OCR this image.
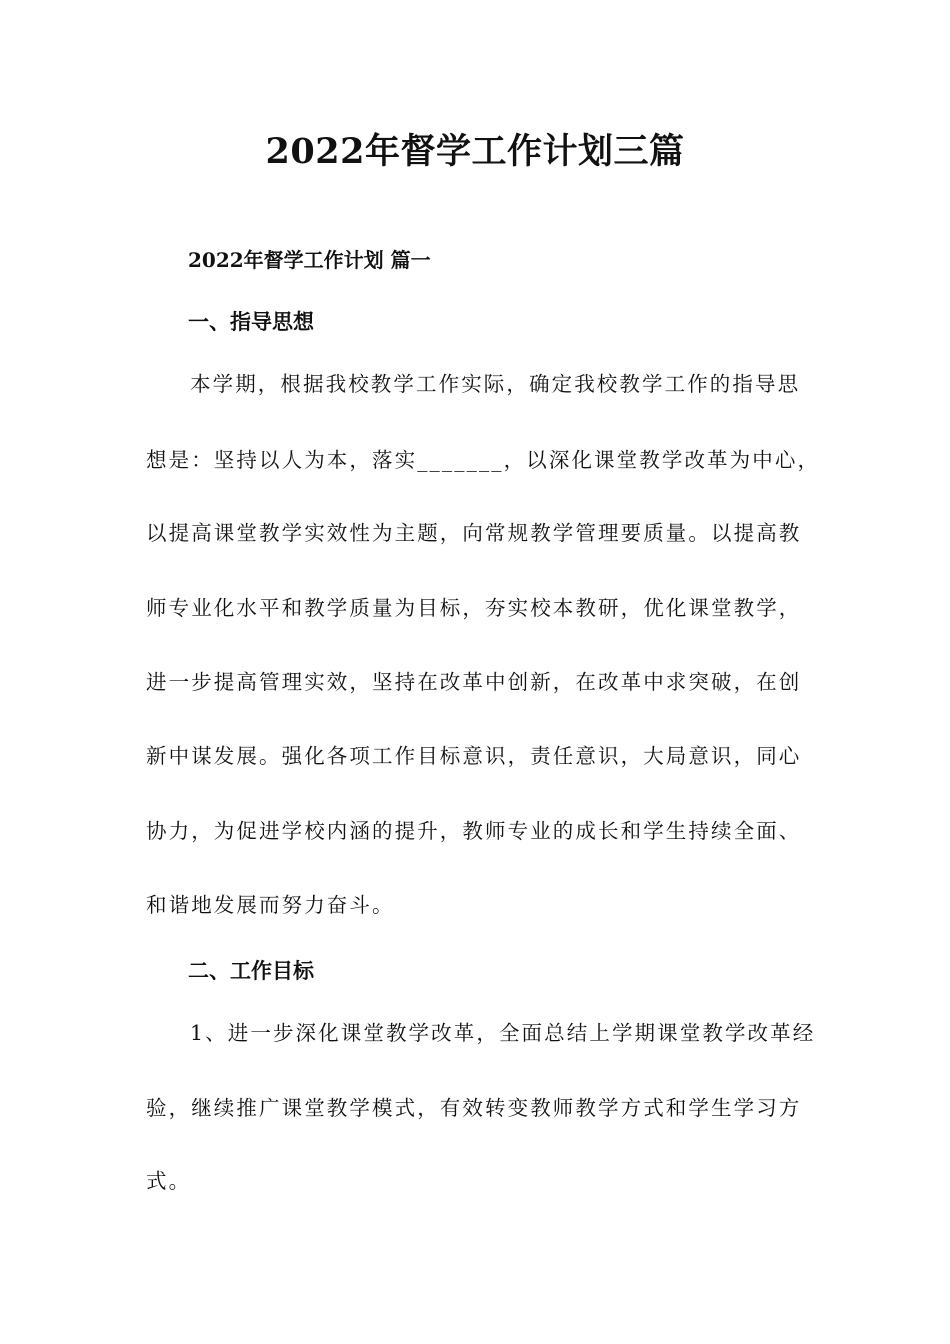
2022年督学工作计划三篇
2022年督学工作计划 篇一
一、指导思想
本学期，根据我校教学工作实际，确定我校教学工作的指导思
想是：坚持以人为本，落实_______，以深化课堂教学改革为中心，
以提高课堂教学实效性为主题，向常规教学管理要质量。以提高教
师专业化水平和教学质量为目标，夯实校本教研，优化课堂教学，
进一步提高管理实效，坚持在改革中创新，在改革中求突破，在创
新中谋发展。强化各项工作目标意识，责任意识，大局意识，同心
协力，为促进学校内涵的提升，教师专业的成长和学生持续全面、
和谐地发展而努力奋斗。
二、工作目标
1、进一步深化课堂教学改革，全面总结上学期课堂教学改革经
验，继续推广课堂教学模式，有效转变教师教学方式和学生学习方
式。
